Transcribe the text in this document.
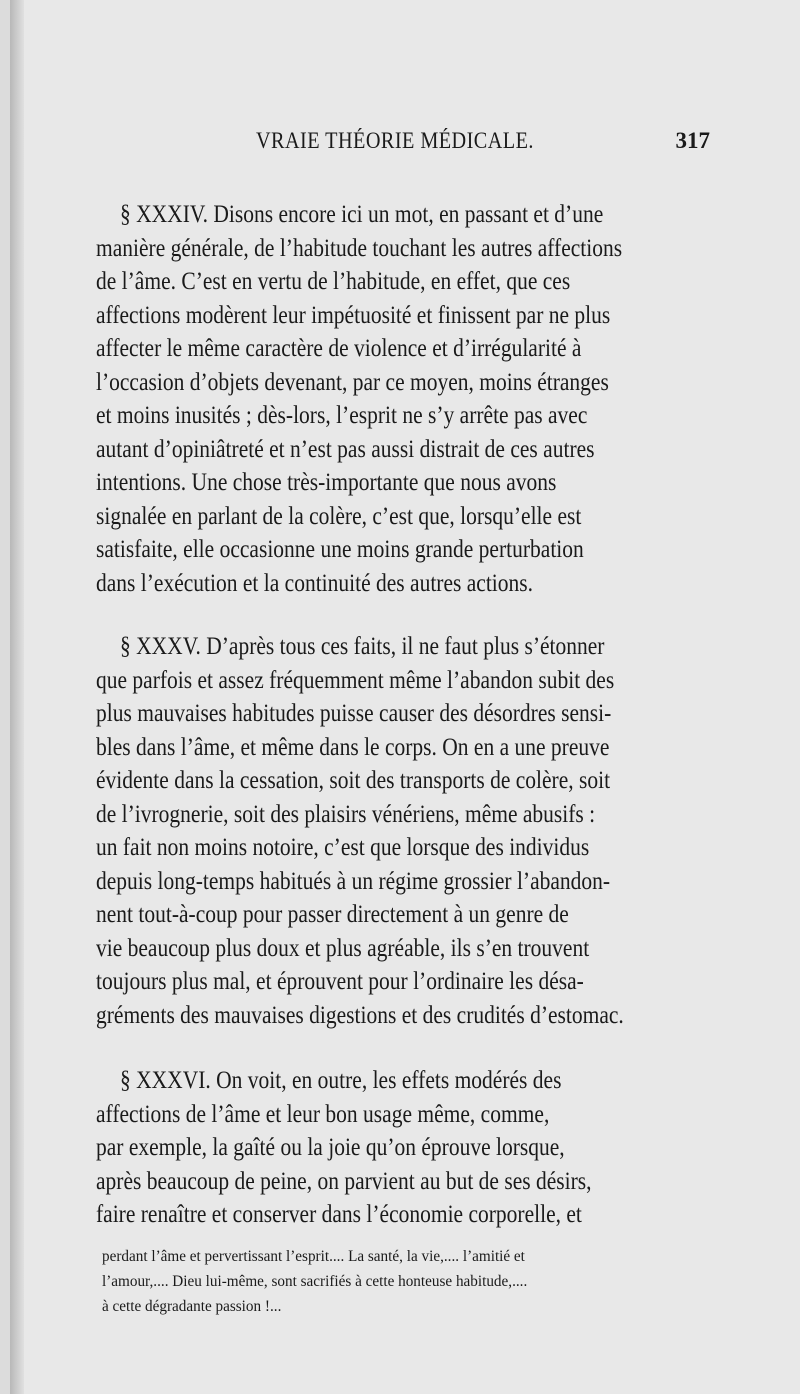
VRAIE THÉORIE MÉDICALE.	317
§ XXXIV. Disons encore ici un mot, en passant et d’une
manière générale, de l’habitude touchant les autres affections
de l’âme. C’est en vertu de l’habitude, en effet, que ces
affections modèrent leur impétuosité et finissent par ne plus
affecter le même caractère de violence et d’irrégularité à
l’occasion d’objets devenant, par ce moyen, moins étranges
et moins inusités ; dès-lors, l’esprit ne s’y arrête pas avec
autant d’opiniâtreté et n’est pas aussi distrait de ces autres
intentions. Une chose très-importante que nous avons
signalée en parlant de la colère, c’est que, lorsqu’elle est
satisfaite, elle occasionne une moins grande perturbation
dans l’exécution et la continuité des autres actions.
§ XXXV. D’après tous ces faits, il ne faut plus s’étonner
que parfois et assez fréquemment même l’abandon subit des
plus mauvaises habitudes puisse causer des désordres sensi-
bles dans l’âme, et même dans le corps. On en a une preuve
évidente dans la cessation, soit des transports de colère, soit
de l’ivrognerie, soit des plaisirs vénériens, même abusifs :
un fait non moins notoire, c’est que lorsque des individus
depuis long-temps habitués à un régime grossier l’abandon-
nent tout-à-coup pour passer directement à un genre de
vie beaucoup plus doux et plus agréable, ils s’en trouvent
toujours plus mal, et éprouvent pour l’ordinaire les désa-
gréments des mauvaises digestions et des crudités d’estomac.
§ XXXVI. On voit, en outre, les effets modérés des
affections de l’âme et leur bon usage même, comme,
par exemple, la gaîté ou la joie qu’on éprouve lorsque,
après beaucoup de peine, on parvient au but de ses désirs,
faire renaître et conserver dans l’économie corporelle, et
perdant l’âme et pervertissant l’esprit.... La santé, la vie,.... l’amitié et
l’amour,.... Dieu lui-même, sont sacrifiés à cette honteuse habitude,....
à cette dégradante passion !...
